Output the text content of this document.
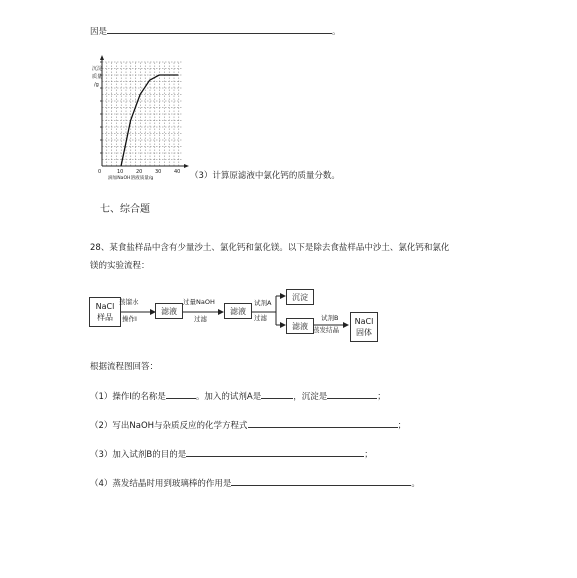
因是	。
沉淀
质量
/g
0	10	20	30	40
滴加NaOH溶液质量/g	（3）计算原滤液中氯化钙的质量分数。
七、综合题
28、某食盐样品中含有少量沙土、氯化钙和氯化镁。以下是除去食盐样品中沙土、氯化钙和氯化
镁的实验流程：
NaCl样品
蒸馏水
操作Ⅰ
滤液
过量NaOH
过滤
滤液
试剂A
过滤
沉淀
滤液
试剂B
蒸发结晶
NaCl固体
根据流程图回答：
（1）操作Ⅰ的名称是	。加入的试剂A是	，沉淀是	；
（2）写出NaOH与杂质反应的化学方程式	；
（3）加入试剂B的目的是	；
（4）蒸发结晶时用到玻璃棒的作用是	。
